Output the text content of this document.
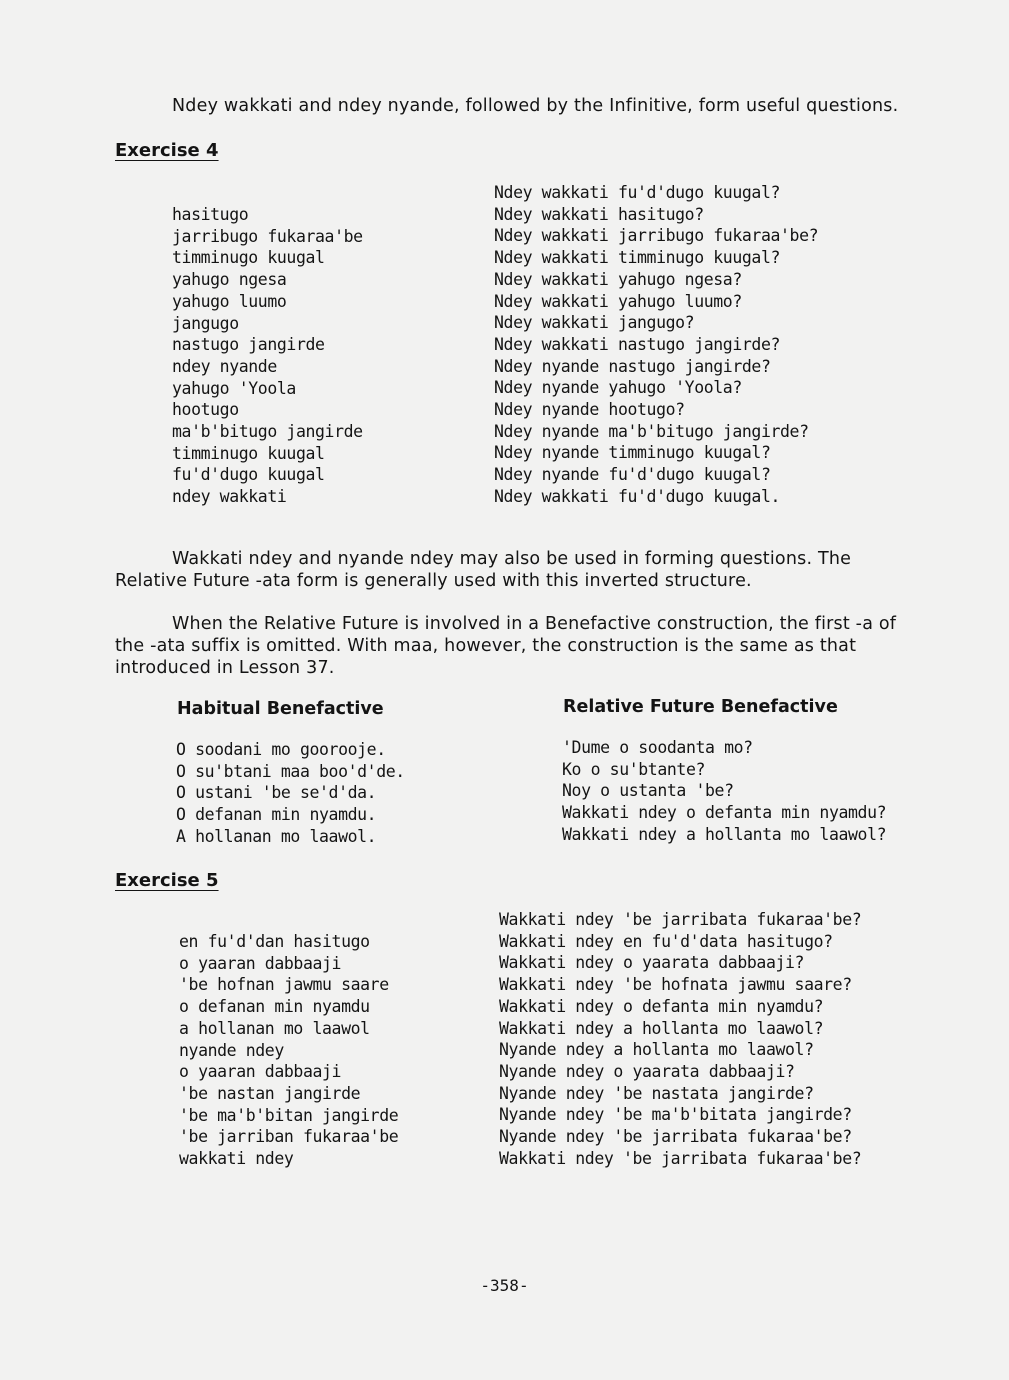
Ndey wakkati and ndey nyande, followed by the Infinitive, form useful questions.

Exercise 4
hasitugo
jarribugo fukaraa'be
timminugo kuugal
yahugo ngesa
yahugo luumo
jangugo
nastugo jangirde
ndey nyande
yahugo 'Yoola
hootugo
ma'b'bitugo jangirde
timminugo kuugal
fu'd'dugo kuugal
ndey wakkati
Ndey wakkati fu'd'dugo kuugal?
Ndey wakkati hasitugo?
Ndey wakkati jarribugo fukaraa'be?
Ndey wakkati timminugo kuugal?
Ndey wakkati yahugo ngesa?
Ndey wakkati yahugo luumo?
Ndey wakkati jangugo?
Ndey wakkati nastugo jangirde?
Ndey nyande nastugo jangirde?
Ndey nyande yahugo 'Yoola?
Ndey nyande hootugo?
Ndey nyande ma'b'bitugo jangirde?
Ndey nyande timminugo kuugal?
Ndey nyande fu'd'dugo kuugal?
Ndey wakkati fu'd'dugo kuugal.

Wakkati ndey and nyande ndey may also be used in forming questions. The
Relative Future -ata form is generally used with this inverted structure.

When the Relative Future is involved in a Benefactive construction, the first -a of
the -ata suffix is omitted. With maa, however, the construction is the same as that
introduced in Lesson 37.

Habitual Benefactive	Relative Future Benefactive
O soodani mo goorooje.
O su'btani maa boo'd'de.
O ustani 'be se'd'da.
O defanan min nyamdu.
A hollanan mo laawol.
'Dume o soodanta mo?
Ko o su'btante?
Noy o ustanta 'be?
Wakkati ndey o defanta min nyamdu?
Wakkati ndey a hollanta mo laawol?
Exercise 5
en fu'd'dan hasitugo
o yaaran dabbaaji
'be hofnan jawmu saare
o defanan min nyamdu
a hollanan mo laawol
nyande ndey
o yaaran dabbaaji
'be nastan jangirde
'be ma'b'bitan jangirde
'be jarriban fukaraa'be
wakkati ndey
Wakkati ndey 'be jarribata fukaraa'be?
Wakkati ndey en fu'd'data hasitugo?
Wakkati ndey o yaarata dabbaaji?
Wakkati ndey 'be hofnata jawmu saare?
Wakkati ndey o defanta min nyamdu?
Wakkati ndey a hollanta mo laawol?
Nyande ndey a hollanta mo laawol?
Nyande ndey o yaarata dabbaaji?
Nyande ndey 'be nastata jangirde?
Nyande ndey 'be ma'b'bitata jangirde?
Nyande ndey 'be jarribata fukaraa'be?
Wakkati ndey 'be jarribata fukaraa'be?
-358-
